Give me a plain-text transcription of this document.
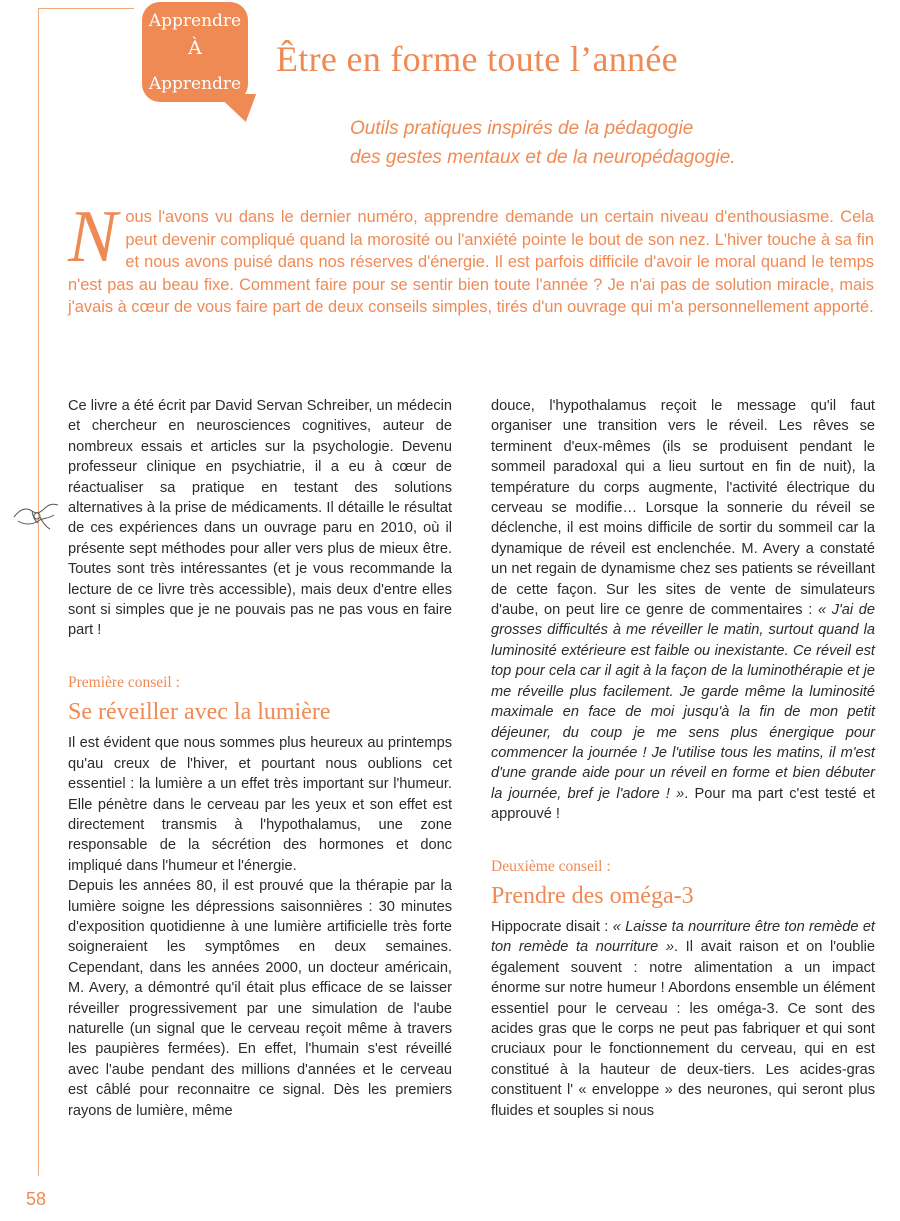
Apprendre
À
Apprendre
Être en forme toute l’année
Outils pratiques inspirés de la pédagogie
des gestes mentaux et de la neuropédagogie.
Nous l'avons vu dans le dernier numéro, apprendre demande un certain niveau d'enthousiasme. Cela peut devenir compliqué quand la morosité ou l'anxiété pointe le bout de son nez. L'hiver touche à sa fin et nous avons puisé dans nos réserves d'énergie. Il est parfois difficile d'avoir le moral quand le temps n'est pas au beau fixe. Comment faire pour se sentir bien toute l'année ? Je n'ai pas de solution miracle, mais j'avais à cœur de vous faire part de deux conseils simples, tirés d'un ouvrage qui m'a personnellement apporté.

Ce livre a été écrit par David Servan Schreiber, un médecin et chercheur en neurosciences cognitives, auteur de nombreux essais et articles sur la psychologie. Devenu professeur clinique en psychiatrie, il a eu à cœur de réactualiser sa pratique en testant des solutions alternatives à la prise de médicaments. Il détaille le résultat de ces expériences dans un ouvrage paru en 2010, où il présente sept méthodes pour aller vers plus de mieux être. Toutes sont très intéressantes (et je vous recommande la lecture de ce livre très accessible), mais deux d'entre elles sont si simples que je ne pouvais pas ne pas vous en faire part !

Première conseil :
Se réveiller avec la lumière

Il est évident que nous sommes plus heureux au printemps qu'au creux de l'hiver, et pourtant nous oublions cet essentiel : la lumière a un effet très important sur l'humeur. Elle pénètre dans le cerveau par les yeux et son effet est directement transmis à l'hypothalamus, une zone responsable de la sécrétion des hormones et donc impliqué dans l'humeur et l'énergie.

Depuis les années 80, il est prouvé que la thérapie par la lumière soigne les dépressions saisonnières : 30 minutes d'exposition quotidienne à une lumière artificielle très forte soigneraient les symptômes en deux semaines. Cependant, dans les années 2000, un docteur américain, M. Avery, a démontré qu'il était plus efficace de se laisser réveiller progressivement par une simulation de l'aube naturelle (un signal que le cerveau reçoit même à travers les paupières fermées). En effet, l'humain s'est réveillé avec l'aube pendant des millions d'années et le cerveau est câblé pour reconnaitre ce signal. Dès les premiers rayons de lumière, même

douce, l'hypothalamus reçoit le message qu'il faut organiser une transition vers le réveil. Les rêves se terminent d'eux-mêmes (ils se produisent pendant le sommeil paradoxal qui a lieu surtout en fin de nuit), la température du corps augmente, l'activité électrique du cerveau se modifie… Lorsque la sonnerie du réveil se déclenche, il est moins difficile de sortir du sommeil car la dynamique de réveil est enclenchée. M. Avery a constaté un net regain de dynamisme chez ses patients se réveillant de cette façon. Sur les sites de vente de simulateurs d'aube, on peut lire ce genre de commentaires : « J'ai de grosses difficultés à me réveiller le matin, surtout quand la luminosité extérieure est faible ou inexistante. Ce réveil est top pour cela car il agit à la façon de la luminothérapie et je me réveille plus facilement. Je garde même la luminosité maximale en face de moi jusqu'à la fin de mon petit déjeuner, du coup je me sens plus énergique pour commencer la journée ! Je l'utilise tous les matins, il m'est d'une grande aide pour un réveil en forme et bien débuter la journée, bref je l'adore ! ». Pour ma part c'est testé et approuvé !

Deuxième conseil :
Prendre des oméga-3

Hippocrate disait : « Laisse ta nourriture être ton remède et ton remède ta nourriture ». Il avait raison et on l'oublie également souvent : notre alimentation a un impact énorme sur notre humeur ! Abordons ensemble un élément essentiel pour le cerveau : les oméga-3. Ce sont des acides gras que le corps ne peut pas fabriquer et qui sont cruciaux pour le fonctionnement du cerveau, qui en est constitué à la hauteur de deux-tiers. Les acides-gras constituent l' « enveloppe » des neurones, qui seront plus fluides et souples si nous

58
